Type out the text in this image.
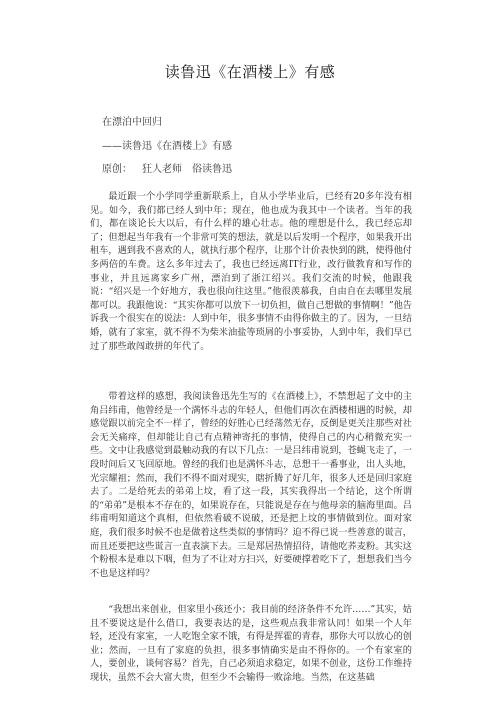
读鲁迅《在酒楼上》有感
在漂泊中回归
——读鲁迅《在酒楼上》有感
原创： 狂人老师 俗读鲁迅

最近跟一个小学同学重新联系上，自从小学毕业后，已经有20多年没有相见。如今，我们都已经人到中年；现在，他也成为我其中一个读者。当年的我们，都在谈论长大以后，有什么样的雄心壮志。他的理想是什么，我已经忘却了；但想起当年我有一个非常可笑的想法，就是以后发明一个程序，如果我开出租车，遇到我不喜欢的人，就执行那个程序，让那个计价表快到的跳，使得他付多两倍的车费。这么多年过去了，我也已经远离IT行业，改行做教育和写作的事业，并且远离家乡广州，漂泊到了浙江绍兴。我们交流的时候，他跟我说：“绍兴是一个好地方，我也很向往这里。”他很羡慕我，自由自在去哪里发展都可以。我跟他说：“其实你都可以放下一切负担，做自己想做的事情啊！”他告诉我一个很实在的说法：人到中年，很多事情不由得你做主的了。因为，一旦结婚，就有了家室，就不得不为柴米油盐等琐屑的小事妥协，人到中年，我们早已过了那些敢闯敢拼的年代了。

带着这样的感想，我阅读鲁迅先生写的《在酒楼上》，不禁想起了文中的主角吕纬甫，他曾经是一个满怀斗志的年轻人，但他们再次在酒楼相遇的时候，却感觉跟以前完全不一样了，曾经的好胜心已经荡然无存，反倒是更关注那些对社会无关痛痒，但却能让自己有点精神寄托的事情，使得自己的内心稍微充实一些。文中让我感觉到最触动我的有以下几点：一是吕纬甫说到，苍蝇飞走了，一段时间后又飞回原地。曾经的我们也是满怀斗志，总想干一番事业，出人头地，光宗耀祖；然而，我们不得不面对现实，瞎折腾了好几年，很多人还是回归家庭去了。二是给死去的弟弟上坟，看了这一段，其实我得出一个结论，这个所谓的“弟弟”是根本不存在的，如果说存在，只能说是存在与他母亲的脑海里面。吕纬甫明知道这个真相，但依然看破不说破，还是把上坟的事情做到位。面对家庭，我们很多时候不也是做着这些类似的事情吗？迫不得已说一些善意的谎言，而且还要把这些谎言一直表演下去。三是郑居热情招待，请他吃荞麦粉。其实这个粉根本是难以下咽，但为了不让对方扫兴，好要硬撑着吃下了，想想我们当今不也是这样吗？

“我想出来创业，但家里小孩还小；我目前的经济条件不允许……”其实，姑且不要说这是什么借口，我要表达的是，这些观点我非常认同！如果一个人年轻，还没有家室，一人吃饱全家不饿，有得是挥霍的青春，那你大可以放心的创业；然而，一旦有了家庭的负担，很多事情确实是由不得你的。一个有家室的人，要创业，谈何容易？首先，自己必须追求稳定，如果不创业，这份工作维持现状，虽然不会大富大贵，但至少不会输得一败涂地。当然，在这基础
